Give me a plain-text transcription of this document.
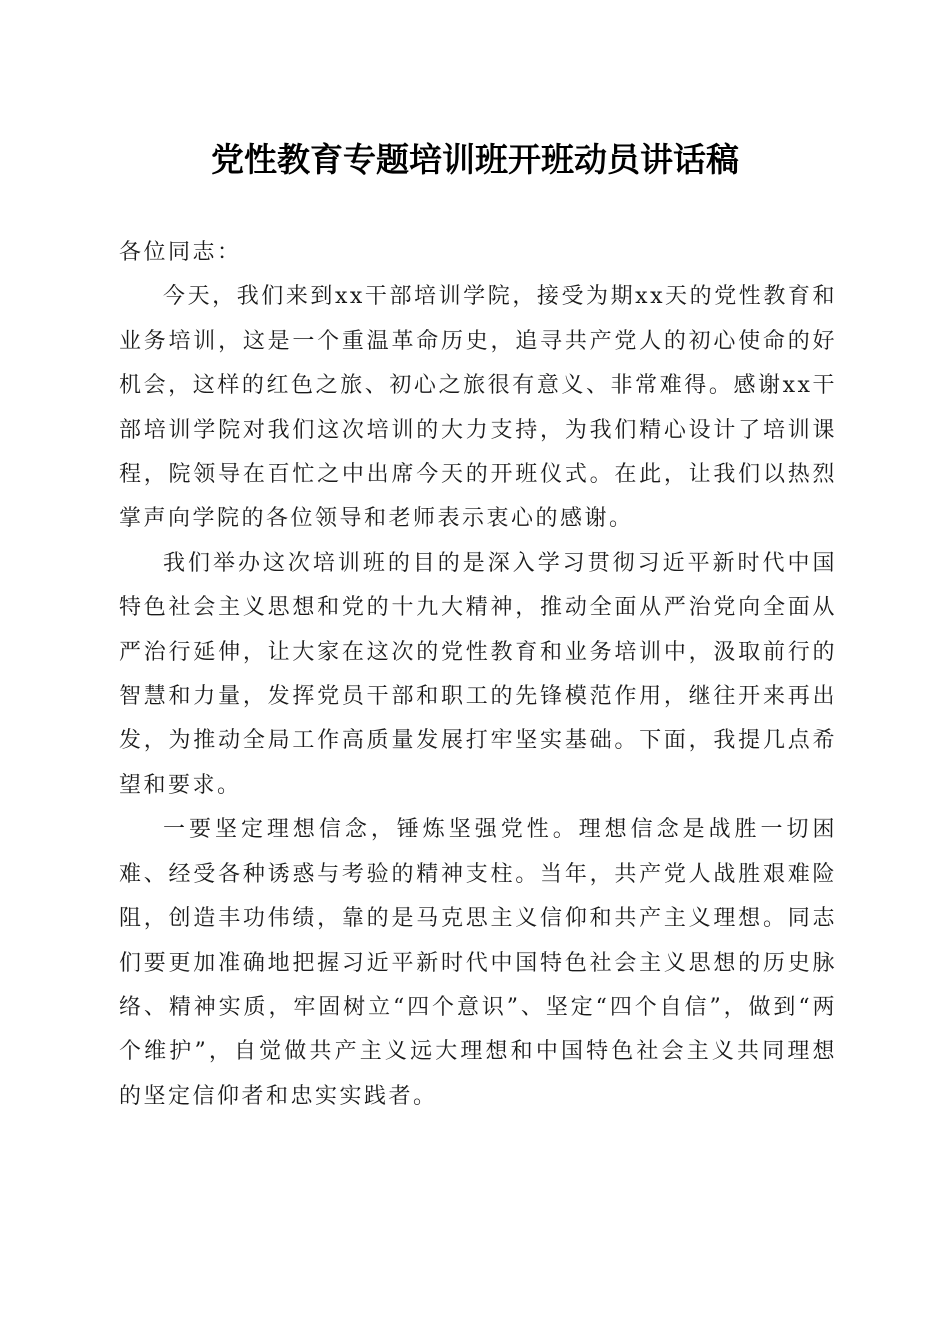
党性教育专题培训班开班动员讲话稿

各位同志：

今天，我们来到xx干部培训学院，接受为期xx天的党性教育和业务培训，这是一个重温革命历史，追寻共产党人的初心使命的好机会，这样的红色之旅、初心之旅很有意义、非常难得。感谢xx干部培训学院对我们这次培训的大力支持，为我们精心设计了培训课程，院领导在百忙之中出席今天的开班仪式。在此，让我们以热烈掌声向学院的各位领导和老师表示衷心的感谢。

我们举办这次培训班的目的是深入学习贯彻习近平新时代中国特色社会主义思想和党的十九大精神，推动全面从严治党向全面从严治行延伸，让大家在这次的党性教育和业务培训中，汲取前行的智慧和力量，发挥党员干部和职工的先锋模范作用，继往开来再出发，为推动全局工作高质量发展打牢坚实基础。下面，我提几点希望和要求。

一要坚定理想信念，锤炼坚强党性。理想信念是战胜一切困难、经受各种诱惑与考验的精神支柱。当年，共产党人战胜艰难险阻，创造丰功伟绩，靠的是马克思主义信仰和共产主义理想。同志们要更加准确地把握习近平新时代中国特色社会主义思想的历史脉络、精神实质，牢固树立“四个意识”、坚定“四个自信”，做到“两个维护”，自觉做共产主义远大理想和中国特色社会主义共同理想的坚定信仰者和忠实实践者。
